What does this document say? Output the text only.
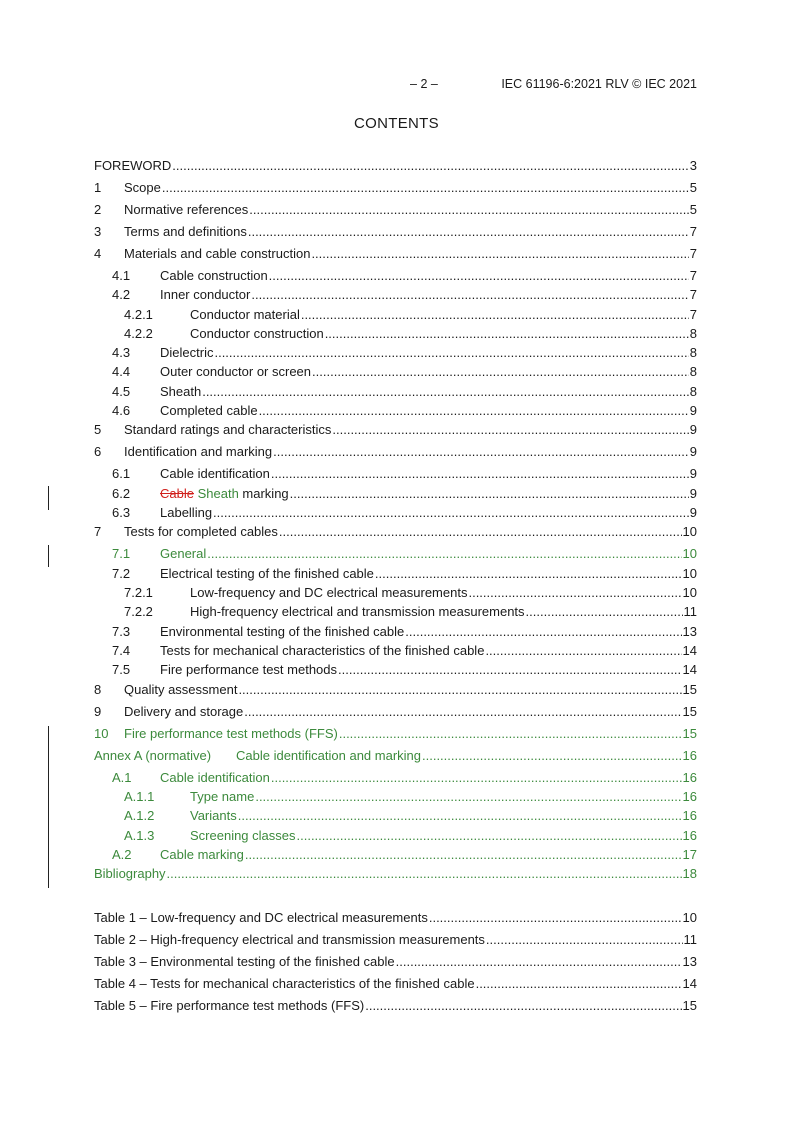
– 2 –	IEC 61196-6:2021 RLV © IEC 2021
CONTENTS
FOREWORD .....	3
1	Scope .....	5
2	Normative references .....	5
3	Terms and definitions .....	7
4	Materials and cable construction .....	7
4.1	Cable construction .....	7
4.2	Inner conductor .....	7
4.2.1	Conductor material .....	7
4.2.2	Conductor construction .....	8
4.3	Dielectric .....	8
4.4	Outer conductor or screen .....	8
4.5	Sheath .....	8
4.6	Completed cable .....	9
5	Standard ratings and characteristics .....	9
6	Identification and marking .....	9
6.1	Cable identification .....	9
6.2	Cable
Sheath
marking .....	9
6.3	Labelling .....	9
7	Tests for completed cables .....	10
7.1	General .....	10
7.2	Electrical testing of the finished cable .....	10
7.2.1	Low-frequency and DC electrical measurements .....	10
7.2.2	High-frequency electrical and transmission measurements .....	11
7.3	Environmental testing of the finished cable .....	13
7.4	Tests for mechanical characteristics of the finished cable .....	14
7.5	Fire performance test methods .....	14
8	Quality assessment .....	15
9	Delivery and storage .....	15
10	Fire performance test methods (FFS) .....	15
Annex A (normative)	Cable identification and marking .....	16
A.1	Cable identification .....	16
A.1.1	Type name .....	16
A.1.2	Variants .....	16
A.1.3	Screening classes .....	16
A.2	Cable marking .....	17
Bibliography .....	18
Table 1 – Low-frequency and DC electrical measurements .....	10
Table 2 – High-frequency electrical and transmission measurements .....	11
Table 3 – Environmental testing of the finished cable .....	13
Table 4 – Tests for mechanical characteristics of the finished cable .....	14
Table 5 – Fire performance test methods (FFS) .....	15
